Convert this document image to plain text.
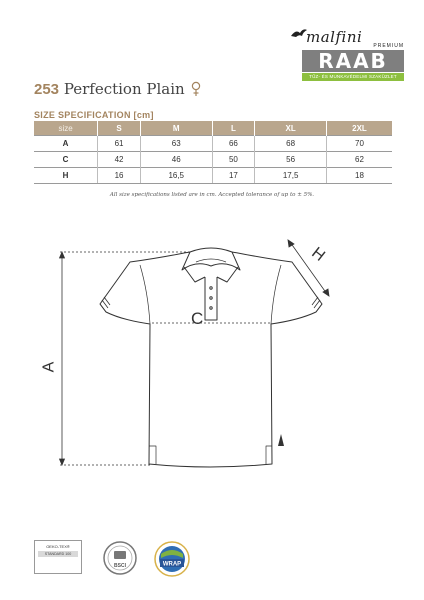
malfini PREMIUM
RAAB
TŰZ- ÉS MUNKAVÉDELMI SZAKÜZLET
253 Perfection Plain
SIZE SPECIFICATION [cm]
size	S	M	L	XL	2XL
A	61	63	66	68	70
C	42	46	50	56	62
H	16	16,5	17	17,5	18
All size specifications listed are in cm. Accepted tolerance of up to ± 5%.
A
C
H
OEKO-TEX®
STANDARD 100
BSCI	WRAP
